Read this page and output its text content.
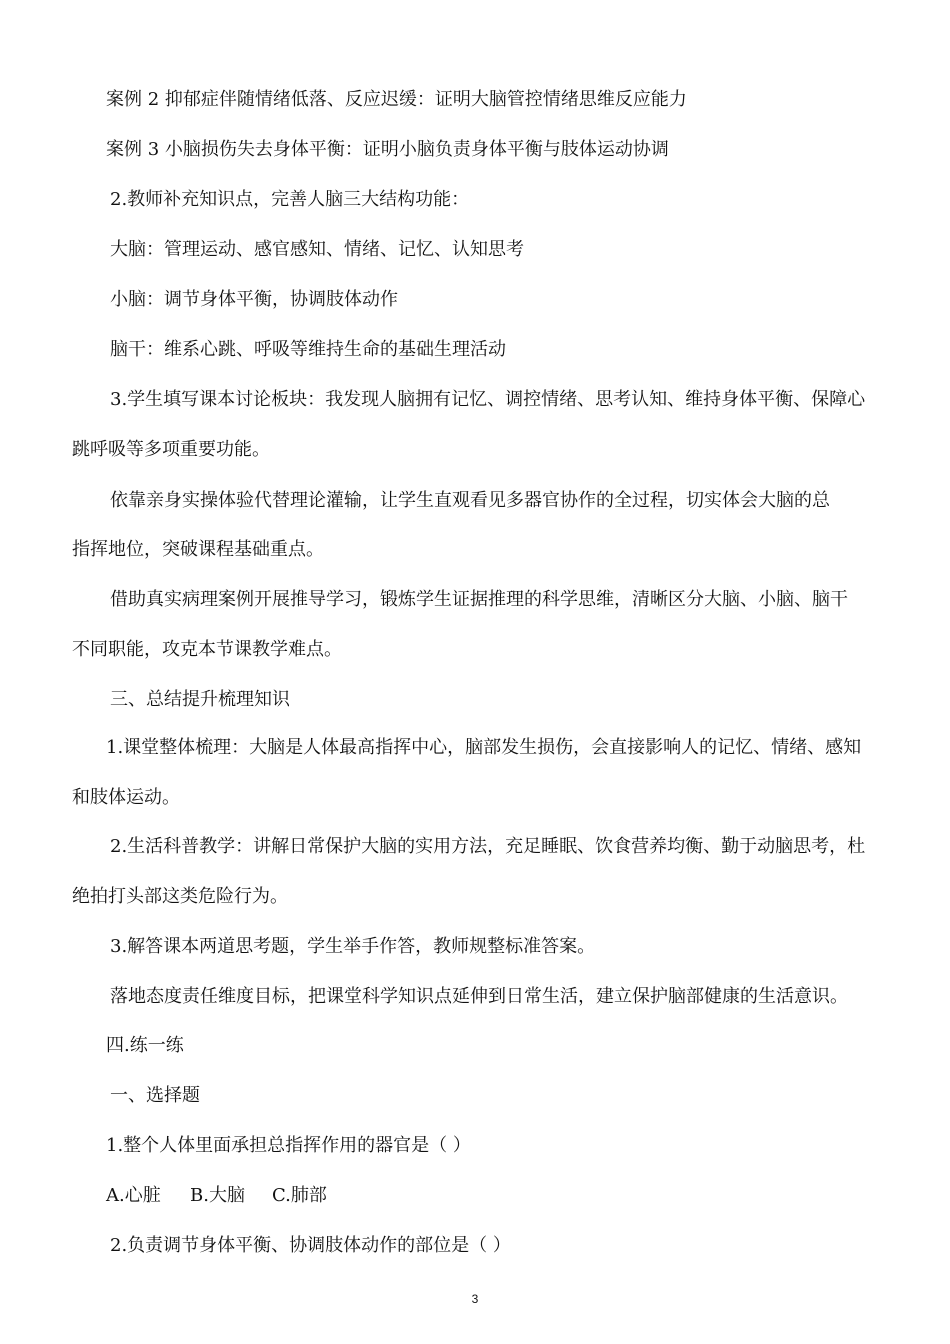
案例 2 抑郁症伴随情绪低落、反应迟缓：证明大脑管控情绪思维反应能力
案例 3 小脑损伤失去身体平衡：证明小脑负责身体平衡与肢体运动协调
2.教师补充知识点，完善人脑三大结构功能：
大脑：管理运动、感官感知、情绪、记忆、认知思考
小脑：调节身体平衡，协调肢体动作
脑干：维系心跳、呼吸等维持生命的基础生理活动
3.学生填写课本讨论板块：我发现人脑拥有记忆、调控情绪、思考认知、维持身体平衡、保障心
跳呼吸等多项重要功能。
依靠亲身实操体验代替理论灌输，让学生直观看见多器官协作的全过程，切实体会大脑的总
指挥地位，突破课程基础重点。
借助真实病理案例开展推导学习，锻炼学生证据推理的科学思维，清晰区分大脑、小脑、脑干
不同职能，攻克本节课教学难点。
三、总结提升梳理知识
1.课堂整体梳理：大脑是人体最高指挥中心，脑部发生损伤，会直接影响人的记忆、情绪、感知
和肢体运动。
2.生活科普教学：讲解日常保护大脑的实用方法，充足睡眠、饮食营养均衡、勤于动脑思考，杜
绝拍打头部这类危险行为。
3.解答课本两道思考题，学生举手作答，教师规整标准答案。
落地态度责任维度目标，把课堂科学知识点延伸到日常生活，建立保护脑部健康的生活意识。
四.练一练
一、选择题
1.整个人体里面承担总指挥作用的器官是（ ）
A.心脏 B.大脑 C.肺部
2.负责调节身体平衡、协调肢体动作的部位是（ ）
3
